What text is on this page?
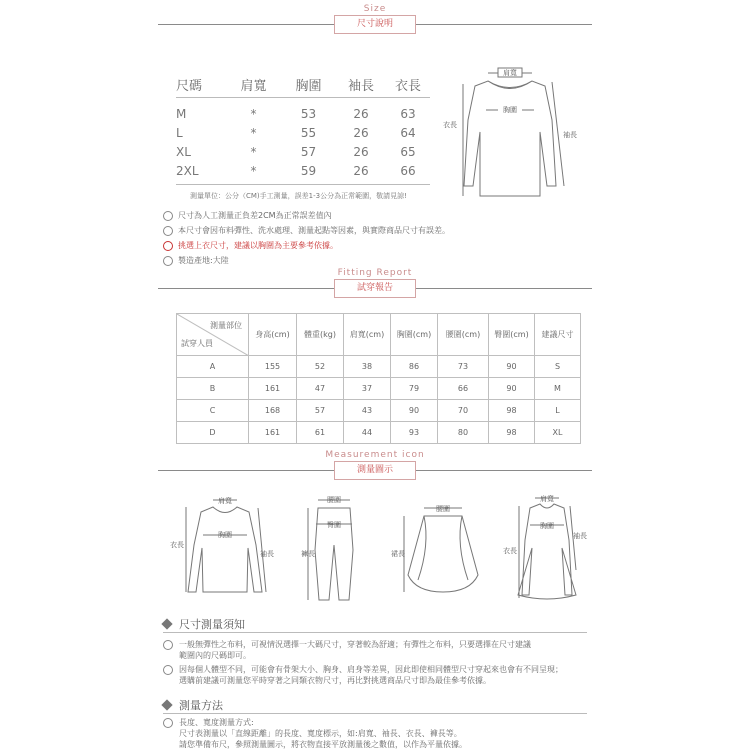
Size
尺寸說明
尺碼	肩寬	胸圍	袖長	衣長
M	*	53	26	63
L	*	55	26	64
XL	*	57	26	65
2XL	*	59	26	66
肩寬
胸圍
衣長
袖長
測量單位：公分（CM)手工測量，誤差1-3公分為正常範圍，敬請見諒!
尺寸為人工測量正負差2CM為正常誤差值內
本尺寸會因布料彈性、洗水處理、測量起點等因素，與實際商品尺寸有誤差。
挑選上衣尺寸，建議以胸圍為主要參考依據。
製造產地:大陸
Fitting Report
試穿報告
測量部位
試穿人員	身高(cm)	體重(kg)	肩寬(cm)	胸圍(cm)	腰圍(cm)	臀圍(cm)	建議尺寸
A	155	52	38	86	73	90	S
B	161	47	37	79	66	90	M
C	168	57	43	90	70	98	L
D	161	61	44	93	80	98	XL
Measurement icon
測量圖示
肩寬
胸圍
衣長
袖長
腰圍
臀圍
褲長
腰圍
裙長
肩寬
胸圍
衣長
袖長
尺寸測量須知
一般無彈性之布料，可視情況選擇一大碼尺寸，穿著較為舒適；有彈性之布料，只要選擇在尺寸建議
範圍內的尺碼即可。
因每個人體型不同，可能會有骨架大小、胸身、肩身等差異，因此即使相同體型尺寸穿起來也會有不同呈現；
選購前建議可測量您平時穿著之同類衣物尺寸，再比對挑選商品尺寸即為最佳參考依據。
測量方法
長度、寬度測量方式:
尺寸表測量以「直線距離」的長度、寬度標示，如:肩寬、袖長、衣長、褲長等。
請您準備布尺，參照測量圖示，將衣物直接平放測量後之數值，以作為平量依據。
